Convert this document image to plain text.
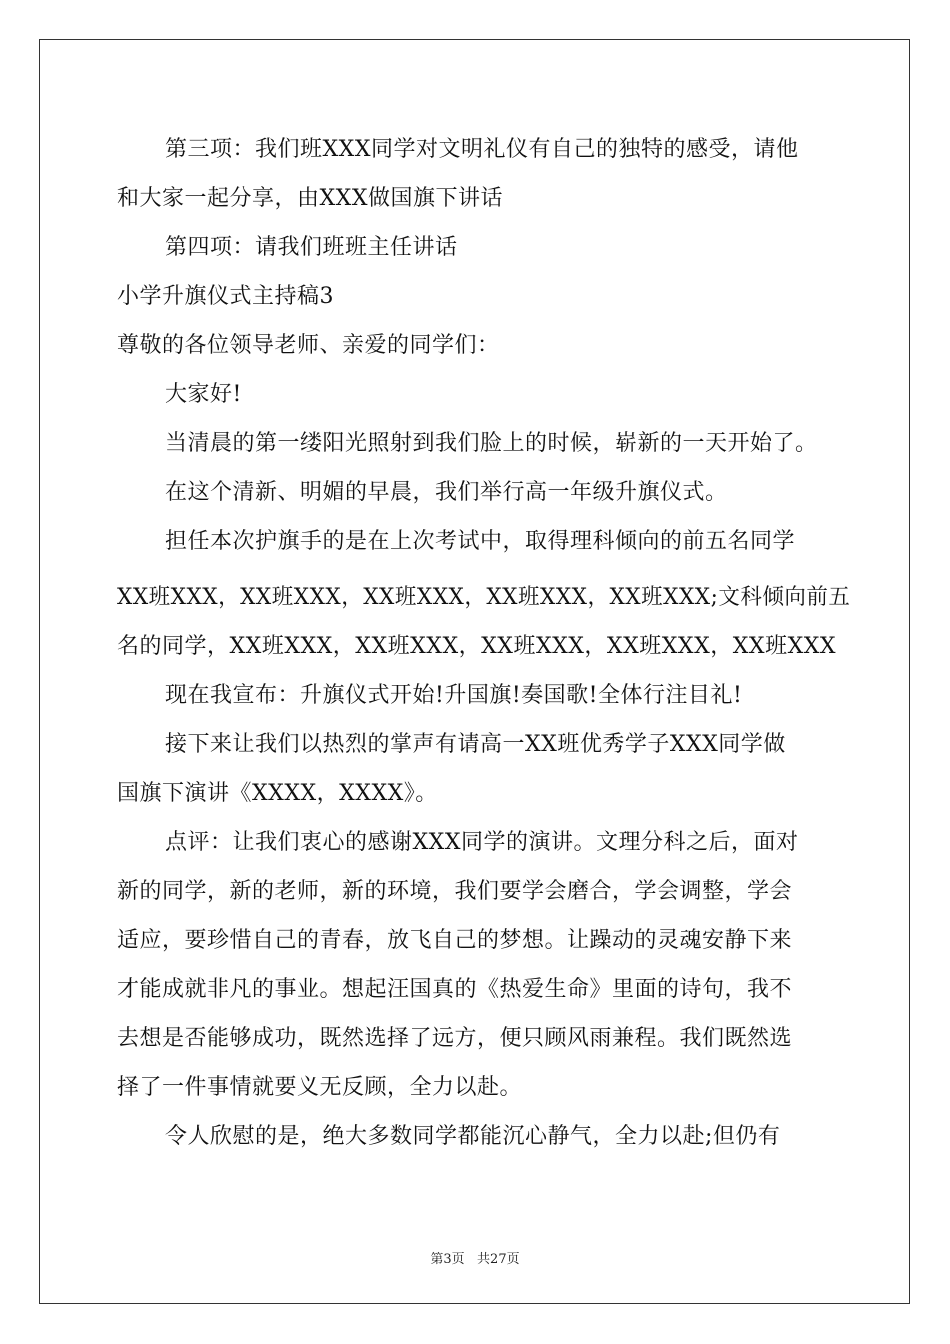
第三项：我们班XXX同学对文明礼仪有自己的独特的感受，请他
和大家一起分享，由XXX做国旗下讲话
第四项：请我们班班主任讲话
小学升旗仪式主持稿3
尊敬的各位领导老师、亲爱的同学们：
大家好!
当清晨的第一缕阳光照射到我们脸上的时候，崭新的一天开始了。
在这个清新、明媚的早晨，我们举行高一年级升旗仪式。
担任本次护旗手的是在上次考试中，取得理科倾向的前五名同学
XX班XXX，XX班XXX，XX班XXX，XX班XXX，XX班XXX;文科倾向前五
名的同学，XX班XXX，XX班XXX，XX班XXX，XX班XXX，XX班XXX
现在我宣布：升旗仪式开始!升国旗!奏国歌!全体行注目礼!
接下来让我们以热烈的掌声有请高一XX班优秀学子XXX同学做
国旗下演讲《XXXX，XXXX》。
点评：让我们衷心的感谢XXX同学的演讲。文理分科之后，面对
新的同学，新的老师，新的环境，我们要学会磨合，学会调整，学会
适应，要珍惜自己的青春，放飞自己的梦想。让躁动的灵魂安静下来
才能成就非凡的事业。想起汪国真的《热爱生命》里面的诗句，我不
去想是否能够成功，既然选择了远方，便只顾风雨兼程。我们既然选
择了一件事情就要义无反顾，全力以赴。
令人欣慰的是，绝大多数同学都能沉心静气，全力以赴;但仍有
第3页   共27页
